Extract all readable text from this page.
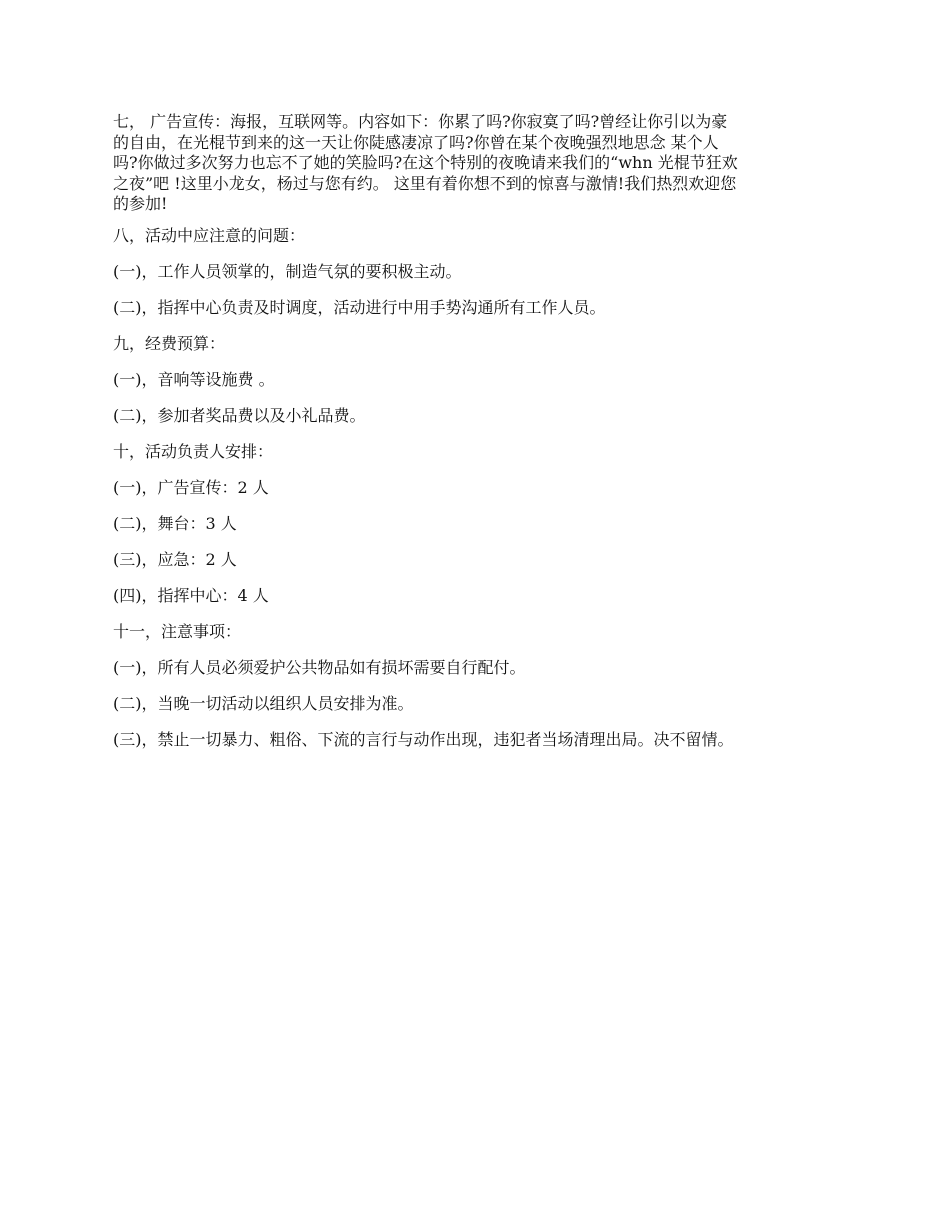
七， 广告宣传：海报，互联网等。内容如下：你累了吗?你寂寞了吗?曾经让你引以为豪

的自由，在光棍节到来的这一天让你陡感凄凉了吗?你曾在某个夜晚强烈地思念 某个人

吗?你做过多次努力也忘不了她的笑脸吗?在这个特别的夜晚请来我们的“whn 光棍节狂欢

之夜”吧 !这里小龙女，杨过与您有约。 这里有着你想不到的惊喜与激情!我们热烈欢迎您

的参加!

八，活动中应注意的问题：

(一)，工作人员领掌的，制造气氛的要积极主动。

(二)，指挥中心负责及时调度，活动进行中用手势沟通所有工作人员。

九，经费预算：

(一)，音响等设施费 。

(二)，参加者奖品费以及小礼品费。

十，活动负责人安排：

(一)，广告宣传：2 人

(二)，舞台：3 人

(三)，应急：2 人

(四)，指挥中心：4 人

十一，注意事项：

(一)，所有人员必须爱护公共物品如有损坏需要自行配付。

(二)，当晚一切活动以组织人员安排为准。

(三)，禁止一切暴力、粗俗、下流的言行与动作出现，违犯者当场清理出局。决不留情。
